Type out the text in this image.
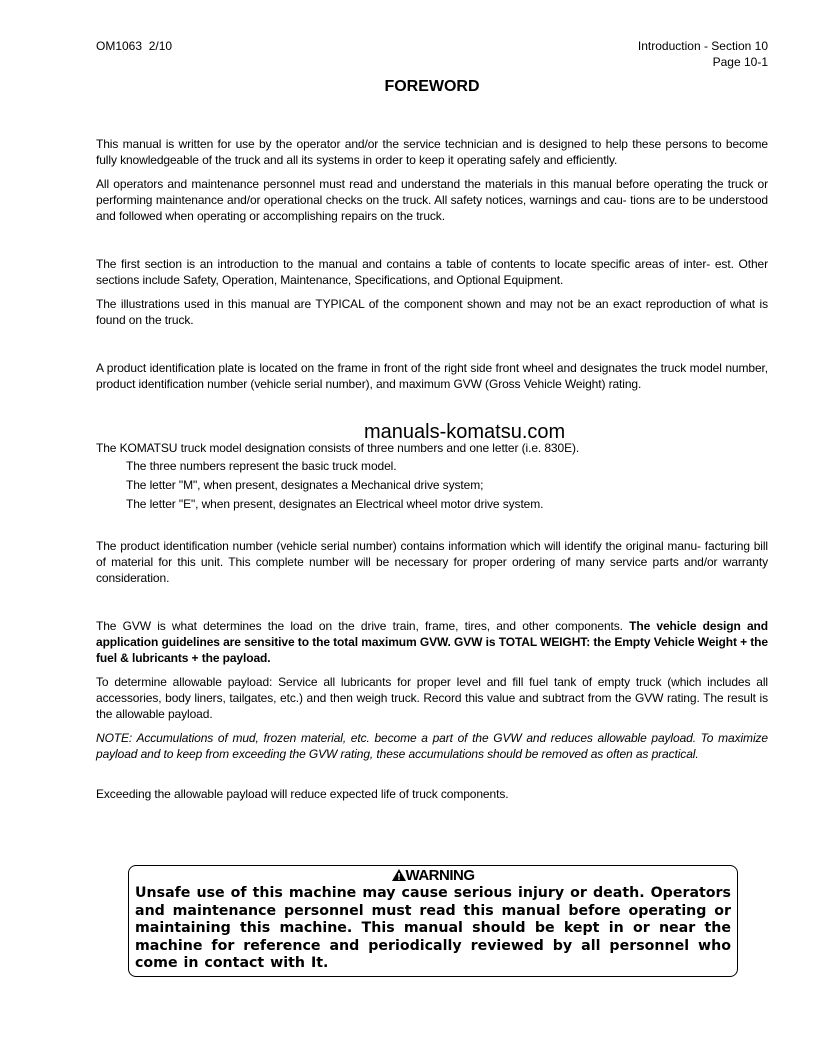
OM1063  2/10	Introduction - Section 10
Page 10-1
FOREWORD
This manual is written for use by the operator and/or the service technician and is designed to help these persons to become fully knowledgeable of the truck and all its systems in order to keep it operating safely and efficiently.
All operators and maintenance personnel must read and understand the materials in this manual before operating the truck or performing maintenance and/or operational checks on the truck. All safety notices, warnings and cau- tions are to be understood and followed when operating or accomplishing repairs on the truck.
The first section is an introduction to the manual and contains a table of contents to locate specific areas of inter- est. Other sections include Safety, Operation, Maintenance, Specifications, and Optional Equipment.
The illustrations used in this manual are TYPICAL of the component shown and may not be an exact reproduction of what is found on the truck.
A product identification plate is located on the frame in front of the right side front wheel and designates the truck model number, product identification number (vehicle serial number), and maximum GVW (Gross Vehicle Weight) rating.
manuals-komatsu.com
The KOMATSU truck model designation consists of three numbers and one letter (i.e. 830E).
The three numbers represent the basic truck model.
The letter "M", when present, designates a Mechanical drive system;
The letter "E", when present, designates an Electrical wheel motor drive system.
The product identification number (vehicle serial number) contains information which will identify the original manu- facturing bill of material for this unit. This complete number will be necessary for proper ordering of many service parts and/or warranty consideration.
The GVW is what determines the load on the drive train, frame, tires, and other components. The vehicle design and application guidelines are sensitive to the total maximum GVW. GVW is TOTAL WEIGHT: the Empty Vehicle Weight + the fuel & lubricants + the payload.
To determine allowable payload: Service all lubricants for proper level and fill fuel tank of empty truck (which includes all accessories, body liners, tailgates, etc.) and then weigh truck. Record this value and subtract from the GVW rating. The result is the allowable payload.
NOTE: Accumulations of mud, frozen material, etc. become a part of the GVW and reduces allowable payload. To maximize payload and to keep from exceeding the GVW rating, these accumulations should be removed as often as practical.
Exceeding the allowable payload will reduce expected life of truck components.
WARNING
Unsafe use of this machine may cause serious injury or death. Operators and maintenance personnel must read this manual before operating or maintaining this machine. This manual should be kept in or near the machine for reference and periodically reviewed by all personnel who come in contact with It.
